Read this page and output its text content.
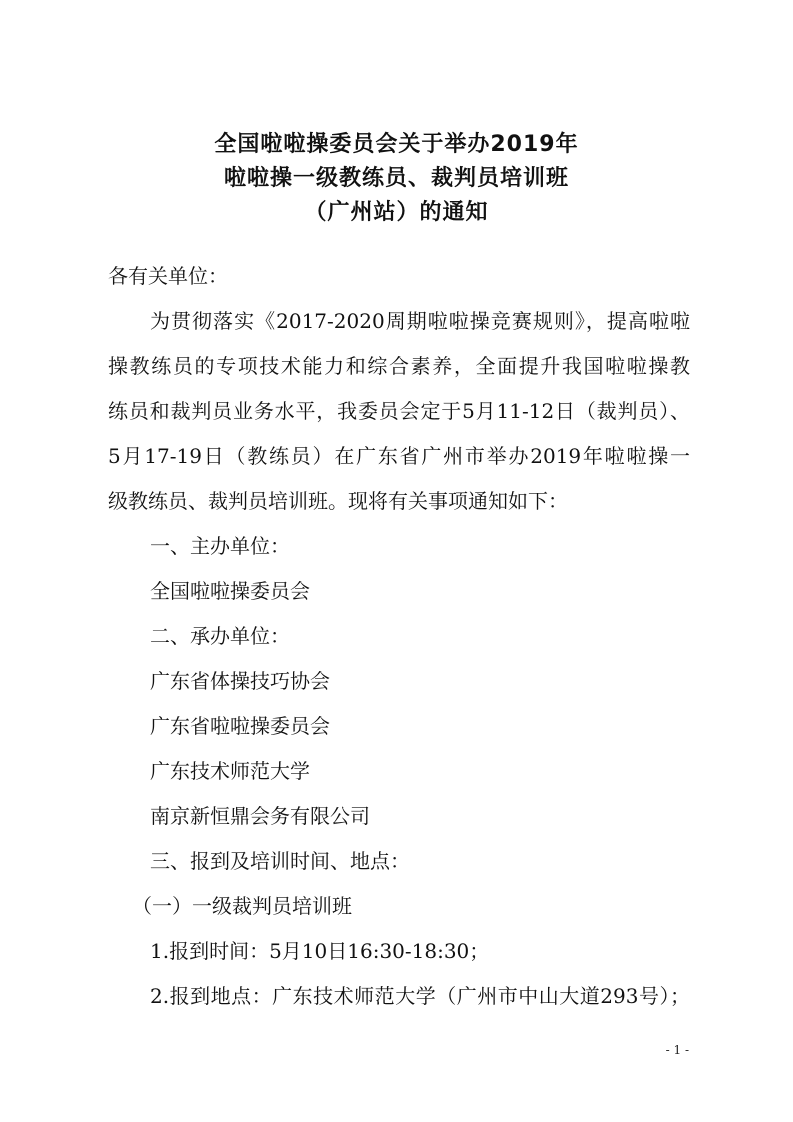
全国啦啦操委员会关于举办2019年
啦啦操一级教练员、裁判员培训班
（广州站）的通知
各有关单位：
为贯彻落实《2017-2020周期啦啦操竞赛规则》，提高啦啦
操教练员的专项技术能力和综合素养，全面提升我国啦啦操教
练员和裁判员业务水平，我委员会定于5月11-12日（裁判员）、
5月17-19日（教练员）在广东省广州市举办2019年啦啦操一
级教练员、裁判员培训班。现将有关事项通知如下：
一、主办单位：
全国啦啦操委员会
二、承办单位：
广东省体操技巧协会
广东省啦啦操委员会
广东技术师范大学
南京新恒鼎会务有限公司
三、报到及培训时间、地点：
（一）一级裁判员培训班
1.报到时间：5月10日16:30-18:30；
2.报到地点：广东技术师范大学（广州市中山大道293号）；
- 1 -
